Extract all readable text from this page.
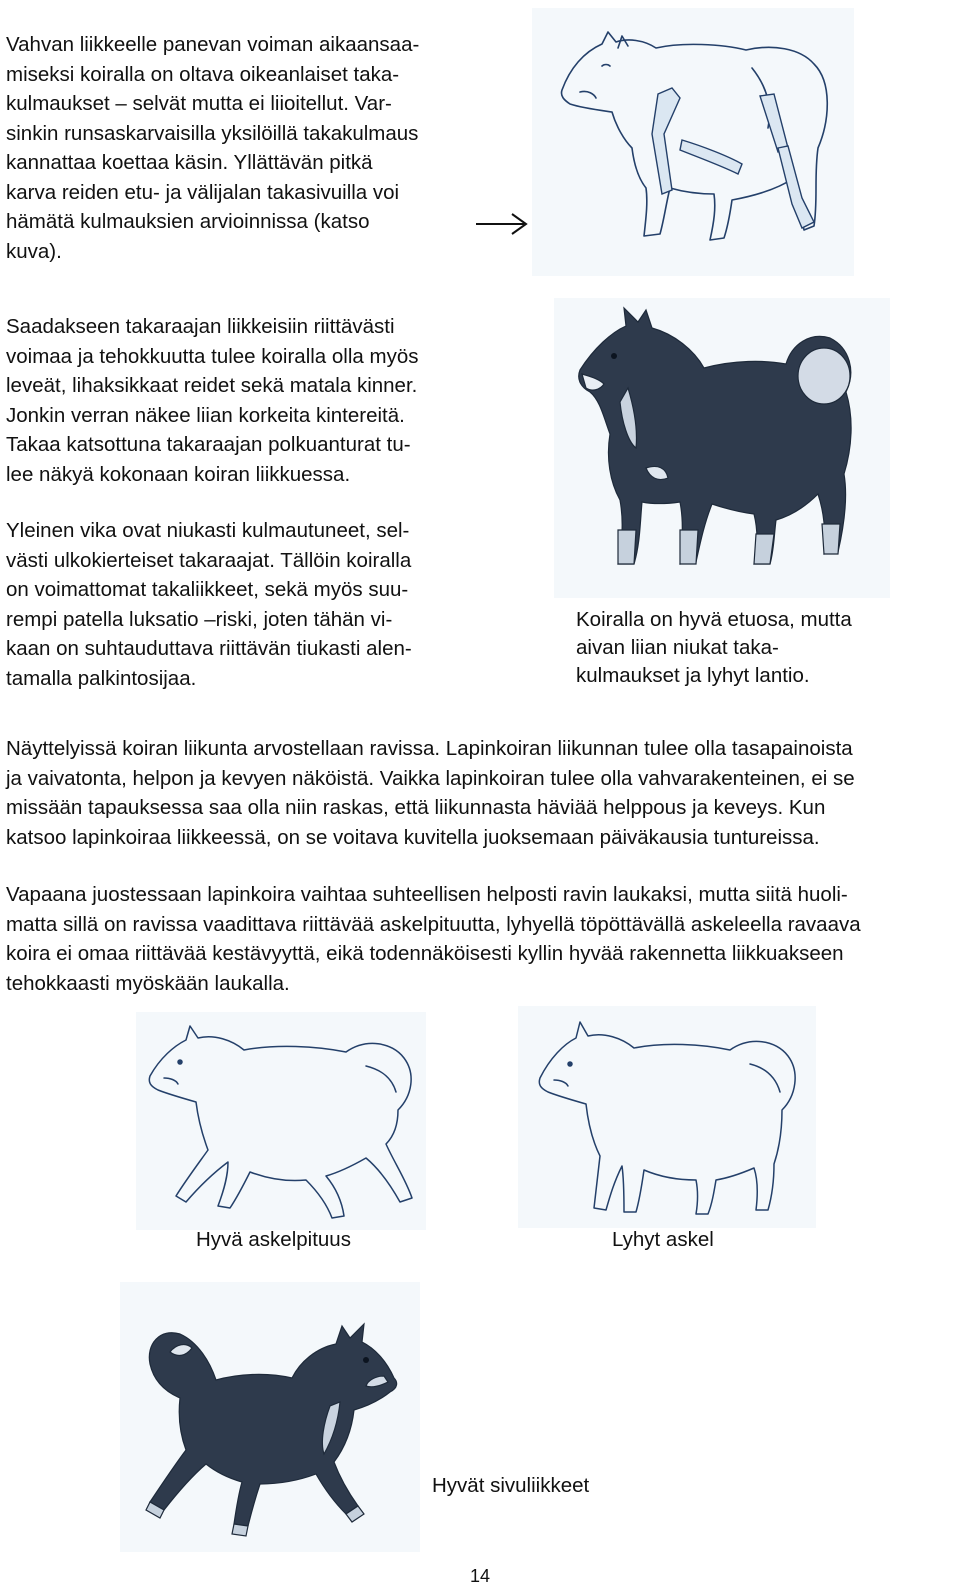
Vahvan liikkeelle panevan voiman aikaansaa-
miseksi koiralla on oltava oikeanlaiset taka-
kulmaukset – selvät mutta ei liioitellut. Var-
sinkin runsaskarvaisilla yksilöillä takakulmaus
kannattaa koettaa käsin. Yllättävän pitkä
karva reiden etu- ja välijalan takasivuilla voi
hämätä kulmauksien arvioinnissa (katso
kuva).
Saadakseen takaraajan liikkeisiin riittävästi
voimaa ja tehokkuutta tulee koiralla olla myös
leveät, lihaksikkaat reidet sekä matala kinner.
Jonkin verran näkee liian korkeita kintereitä.
Takaa katsottuna takaraajan polkuanturat tu-
lee näkyä kokonaan koiran liikkuessa.
Yleinen vika ovat niukasti kulmautuneet, sel-
västi ulkokierteiset takaraajat. Tällöin koiralla
on voimattomat takaliikkeet, sekä myös suu-
rempi patella luksatio –riski, joten tähän vi-
kaan on suhtauduttava riittävän tiukasti alen-
tamalla palkintosijaa.
Koiralla on hyvä etuosa, mutta
aivan liian niukat taka-
kulmaukset ja lyhyt lantio.
Näyttelyissä koiran liikunta arvostellaan ravissa. Lapinkoiran liikunnan tulee olla tasapainoista
ja vaivatonta, helpon ja kevyen näköistä. Vaikka lapinkoiran tulee olla vahvarakenteinen, ei se
missään tapauksessa saa olla niin raskas, että liikunnasta häviää helppous ja keveys. Kun
katsoo lapinkoiraa liikkeessä, on se voitava kuvitella juoksemaan päiväkausia tuntureissa.
Vapaana juostessaan lapinkoira vaihtaa suhteellisen helposti ravin laukaksi, mutta siitä huoli-
matta sillä on ravissa vaadittava riittävää askelpituutta, lyhyellä töpöttävällä askeleella ravaava
koira ei omaa riittävää kestävyyttä, eikä todennäköisesti kyllin hyvää rakennetta liikkuakseen
tehokkaasti myöskään laukalla.
Hyvä askelpituus	Lyhyt askel
Hyvät sivuliikkeet
14
